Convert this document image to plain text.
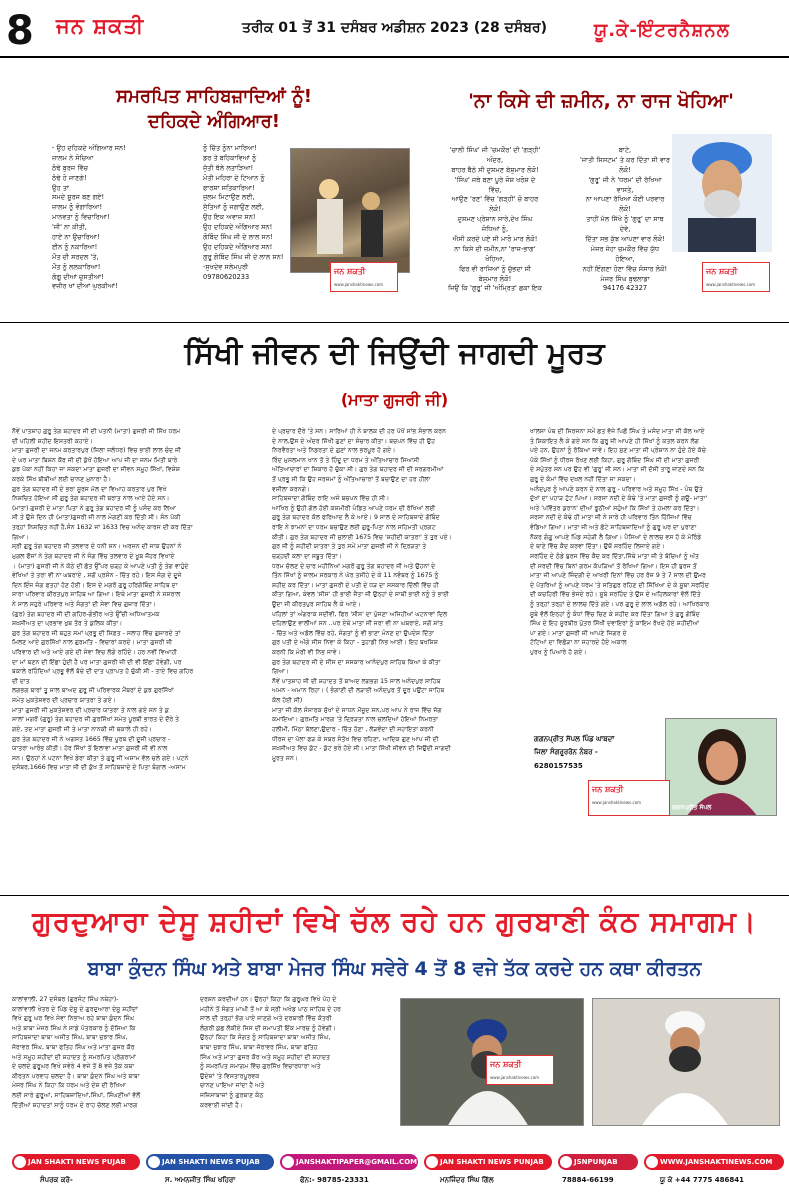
8 ਜਨ ਸ਼ਕਤੀ	ਤਰੀਕ 01 ਤੋਂ 31 ਦਸੰਬਰ ਅਡੀਸ਼ਨ 2023 (28 ਦਸੰਬਰ)	ਯੂ.ਕੇ-ਇੰਟਰਨੈਸ਼ਨਲ
ਸਮਰਪਿਤ ਸਾਹਿਬਜ਼ਾਦਿਆਂ ਨੂੰ!
ਦਹਿਕਦੇ ਅੰਗਿਆਰ!
- ਉਹ ਦਹਿਕਦੇ ਅੰਗਿਆਰ ਸਨ!
ਜ਼ਾਲਮ ਨੇ ਸੋਚਿਆ
ਠੰਢੇ ਬੁਰਜ ਵਿੱਚ
ਠੰਢੇ ਹੋ ਜਾਣਗੇ!
ਉਹ ਤਾਂ
ਸਮਦੇ ਸੂਰਜ ਬਣ ਗਏ!
ਜ਼ਾਲਮ ਨੂੰ ਵੰਗਾਰਿਆ!
ਮਾਨਵਤਾ ਨੂੰ ਵਿਚਾਰਿਆ!
'ਜੀ' ਨਾ ਕੀਤੀ,
ਹਾਏ ਨਾ ਉਚਾਰਿਆ!
ਈਨ ਨੂੰ ਨਕਾਰਿਆ!
ਮੌਤ ਦੀ ਸਰਦਲ 'ਤੇ,
ਮੌਤ ਨੂੰ ਲਲਕਾਰਿਆ!
ਗੰਗੂ ਦੀਆਂ ਚੁਸਤੀਆਂ!
ਵਜ਼ੀਰ ਖਾਂ ਦੀਆਂ ਘੁਰਕੀਆਂ!
ਨੂੰ ਚਿੱਤ ਨੂੰਨਾ ਮਾਰਿਆ!
ਡਰ ਤੇ ਬਹਿਕਾਵਿਆਂ ਨੂੰ
ਜੁੱਤੀ ਥੱਲੇ ਲਤਾੜਿਆ!
ਮੋਤੀ ਮਹਿਰਾ ਦੇ ਟਿਆਨ ਨੂੰ
ਫਾਰਸ਼ਾ ਸਤਿਕਾਰਿਆ!
ਜ਼ੁਲਮ ਮਿਟਾਉਣ ਲਈ,
ਸੁੱਤਿਆਂ ਨੂੰ ਜਗਾਉਣ ਲਈ,
ਉਹ ਇਕ ਅਵਾਜ਼ ਸਨ!
ਉਹ ਦਹਿਕਦੇ ਅੰਗਿਆਰ ਸਨ!
ਗੋਬਿੰਦ ਸਿੰਘ ਜੀ ਦੇ ਲਾਲ ਸਨ!
ਉਹ ਦਹਿਕਦੇ ਅੰਗਿਆਰ ਸਨ!
ਗੁਰੂ ਗੋਬਿੰਦ ਸਿੰਘ ਜੀ ਦੇ ਲਾਲ ਸਨ!
-ਸੁਖਦੇਵ ਸਲੇਮਪੁਰੀ
09780620233
ਜਨ ਸ਼ਕਤੀ
www.janshaktinews.com
'ਨਾ ਕਿਸੇ ਦੀ ਜ਼ਮੀਨ, ਨਾ ਰਾਜ ਖੋਹਿਆ'
'ਚਾਲੀ ਸਿੰਘ' ਜੀ 'ਚਮਕੌਰ' ਦੀ 'ਗੜ੍ਹੀ'
ਅੰਦਰ,
ਬਾਹਰ ਬੈਠੇ ਸੀ ਦੁਸ਼ਮਣ ਬੇਸ਼ੁਮਾਰ ਲੋਕੋ!
'ਸਿੰਘ' ਜਥੇ ਬਣਾ ਪੂਰੇ ਜੋਸ਼ ਖਰੋਸ਼ ਦੇ
ਵਿੱਚ,
ਆਉਣ 'ਰਣ' ਵਿੱਚ 'ਗੜ੍ਹੀ' ਚੋ ਬਾਹਰ
ਲੋਕੋ!
ਦੁਸ਼ਮਣ ਪ੍ਰੇਸ਼ਾਨ ਸਾਰੇ,ਦੇਖ ਸਿੰਘ
ਜੋਧਿਆਂ ਨੂੰ,
ਐਸੀ ਕਰਦੇ ਪਏ ਸੀ ਮਾਰੋ ਮਾਰ ਲੋਕੋ!
ਨਾ ਕਿਸੇ ਦੀ ਜ਼ਮੀਨ,ਨਾ 'ਰਾਜ-ਭਾਗ'
ਖੋਹਿਆ,
ਫਿਰ ਵੀ ਰਾਜਿਆਂ ਨੂੰ ਚੁੱਭਦਾ ਸੀ
ਬੇਸ਼ੁਮਾਰ ਲੋਕੋ!
ਜਿਉਂ ਕਿ 'ਗੁਰੂ' ਜੀ 'ਅੰਮ੍ਰਿਤ' ਛਕਾ ਇਕ
ਬਾਟੇ,
'ਜਾਤੀ ਸਿਸਟਮ' ਤੇ ਕਰ ਦਿੱਤਾ ਸੀ ਵਾਰ
ਲੋਕੋ!
'ਗੁਰੂ' ਜੀ ਨੇ 'ਧਰਮ' ਦੀ ਰੱਖਿਆ
ਵਾਸਤੇ,
ਨਾ ਆਪਣਾ ਰੱਖਿਆ ਕੋਈ ਪਰਵਾਰ
ਲੋਕੋ!
ਤਾਹੀਂ ਮੱਲ ਸਿੱਖੇ ਨੂੰ 'ਗੁਰੂ' ਦਾ ਸਾਥ
ਦੇਵੇ,
ਦਿੱਤਾ ਸਭ ਕੁੱਝ ਆਪਣਾ ਵਾਰ ਲੋਕੋ!
ਮੇਜਰ ਜੇਹਾ ਚਮਕੌਰ ਵਿੱਚ ਯੁੱਧ
ਹੋਇਆ,
ਨਹੀਂ ਇੰਗਣਾ ਹੋਣਾ ਵਿੱਚ ਸੰਸਾਰ ਲੋਕੋ!
ਮੇਜਰ ਸਿੰਘ ਬੁਢਲਾਡਾ
94176 42327
ਜਨ ਸ਼ਕਤੀ
www.janshaktinews.com
ਸਿੱਖੀ ਜੀਵਨ ਦੀ ਜਿਉਂਦੀ ਜਾਗਦੀ ਮੂਰਤ
(ਮਾਤਾ ਗੁਜਰੀ ਜੀ)
ਨੌਵੇਂ ਪਾਤਸ਼ਾਹ ਗੁਰੂ ਤੇਗ ਬਹਾਦਰ ਜੀ ਦੀ ਪਤਨੀ (ਮਾਤਾ) ਗੁਜਰੀ ਜੀ ਸਿੱਖ ਧਰਮ
ਦੀ ਪਹਿਲੀ ਸ਼ਹੀਦ ਇਸਤਰੀ ਕਹਾਏ।
ਮਾਤਾ ਗੁਜਰੀ ਦਾ ਜਨਮ ਕਰਤਾਰਪੁਰ (ਜਿਲਾ ਜਲੰਧਰ) ਵਿਚ ਭਾਈ ਲਾਲ ਚੰਦ ਜੀ
ਦੇ ਘਰ ਮਾਤਾ ਬਿਸ਼ਨ ਕੌਰ ਜੀ ਦੀ ਕੁੱਖੋਂ ਹੋਇਆ ਆਪ ਜੀ ਦਾ ਜਨਮ ਮਿਤੀ ਬਾਰੇ
ਕੁਝ ਪੱਕਾ ਨਹੀਂ ਕਿਹਾ ਜਾ ਸਕਦਾ ਮਾਤਾ ਗੁਜਰੀ ਦਾ ਜੀਵਨ ਸਮੂਹ ਸਿੱਖਾਂ, ਵਿਸ਼ੇਸ਼
ਕਰਕੇ ਸਿੱਖ ਬੀਬੀਆਂ ਲਈ ਚਾਨਣ ਮੁਨਾਰਾ ਹੈ।
ਗੁਰ ਤੇਗ ਬਹਾਦਰ ਜੀ ਦੇ ਭਰਾ ਸੂਰਜ ਮੱਲ ਦਾ ਵਿਆਹ ਕਰਤਾਰ ਪੁਰ ਵਿਖੇ
ਨਿਸ਼ਚਿਤ ਹੋਇਆ ਸੀ ਗੁਰੂ ਤੇਗ ਬਹਾਦਰ ਜੀ ਬਰਾਤ ਨਾਲ ਆਏ ਹੋਏ ਸਨ।
(ਮਾਤਾ) ਗੁਜਰੀ ਦੇ ਮਾਤਾ ਪਿਤਾ ਨੇ ਗੁਰੂ ਤੇਗ ਬਹਾਦਰ ਜੀ ਨੂੰ ਪਸੰਦ ਕਰ ਲਿਆ
ਸੀ ਤੇ ਉਸੇ ਦਿਨ ਹੀ (ਮਾਤਾ)ਗੁਜਰੀ ਜੀ ਨਾਲ ਮੰਗਣੀ ਕਰ ਦਿੱਤੀ ਸੀ। ਸੰਨ ਪੱਕੀ
ਤਰ੍ਹਾਂ ਨਿਸ਼ਚਿਤ ਨਹੀਂ ਹੈ,ਸੰਨ 1632 ਜਾਂ 1633 ਵਿਚ ਅਨੰਦ ਕਾਰਜ ਦੀ ਕਰ ਦਿੱਤਾ
ਗਿਆ।
ਸ੍ਰੀ ਗੁਰੂ ਤੇਗ ਬਹਾਦਰ ਜੀ ਤਲਵਾਰ ਦੇ ਧਨੀ ਸਨ। ਅਰਜਨ ਦੀ ਜਾਕ ਉਹਨਾਂ ਨੇ
ਮੁਗਲ ਫੌਜਾਂ ਨੇ ਤੇਗ ਬਹਾਦਰ ਜੀ ਨੇ ਜੰਗ ਵਿੱਚ ਤਲਵਾਰ ਦੇ ਖੂਬ ਜੌਹਰ ਵਿਖਾਏ
। (ਮਾਤਾ) ਗੁਜਰੀ ਜੀ ਨੇ ਕੋਠੇ ਦੀ ਛੱਤ ਉੱਪਰ ਚੜ੍ਹ ਕੇ ਆਪਣੇ ਪਤੀ ਨੂੰ ਤੇਗ ਵਾਹੁੰਦੇ
ਵੇਖਿਆਂ ਤੇ ਤਰਾ ਵੀ ਨਾ ਘਬਰਾਏ , ਸਗੋਂ ਪ੍ਰਸੰਨ - ਚਿੱਤ ਰਹੇ। ਇਸ ਜੰਗ ਦੇ ਦੂਜੇ
ਦਿਨ ਇੰਜ ਜੰਗ ਫਤਹਾਂ ਹੋਣ ਹੋਈ। ਇਸ ਦੇ ਮਗਰੋਂ ਗੁਰੂ ਹਰਿਗੋਬਿੰਦ ਸਾਹਿਬ ਦਾ
ਸਾਰਾ ਪਰਿਵਾਰ ਕੀਰਤਪੁਰ ਸਾਹਿਬ ਆ ਗਿਆ। ਇਥੇ ਮਾਤਾ ਗੁਜਰੀ ਨੇ ਸਸਰਾਲ
ਨੇ ਸਾਲ ਸਹੁਰੇ ਪਰਿਵਾਰ ਅਤੇ ਸੰਗਤਾਂ ਦੀ ਸੇਵਾ ਵਿਚ ਗੁਜ਼ਾਰ ਦਿੱਤਾ।
(ਗੁਰ) ਤੇਗ ਬਹਾਦਰ ਜੀ ਦੀ ਗਹਿਰ-ਗੰਭੀਰ ਅਤੇ ਉੱਚੀ ਅਧਿਆਤਮਕ
ਸ਼ਖ਼ਸੀਅਤ ਦਾ ਪ੍ਰਭਾਵ ਖੁਬ ਤੋਰ ਤੇ ਕੁਲਿਕ ਕੀਤਾ।
ਗੁਰ ਤੇਗ ਬਹਾਦਰ ਜੀ ਬਹੁਤ ਸਮਾਂ ਪ੍ਰਭੂ ਦੀ ਸਿਫ਼ਤ - ਸਲਾਹ ਵਿੱਚ ਗੁਜਾਰਦੇ ਤਾਂ
ਮਿਲਣ ਆਏ ਗੁਰਸਿੱਖਾਂ ਨਾਲ ਗੁਰਮਤਿ - ਵਿਚਾਰਾਂ ਕਰਦੇ। ਮਾਤਾ ਗੁਜਰੀ ਜੀ
ਪਰਿਵਾਰ ਦੀ ਅਤੇ ਆਏ ਗਏ ਦੀ ਸੇਵਾ ਵਿਚ ਲੱਗੇ ਰਹਿੰਦੇ। ਹਰ ਨਵੀਂ ਵਿਆਹੀ
ਦਾ ਮਾਂ ਬਣਨ ਦੀ ਇੱਛਾ ਹੁੰਦੀ ਹੈ ਪਰ ਮਾਤਾ ਗੁਜਰੀ ਜੀ ਦੀ ਵੀ ਇੱਛਾ ਹੋਵੇਗੀ, ਪਰ
ਬਕਾਲੇ ਰਹਿੰਦਿਆਂ ਪ੍ਰਭੂ ਵੱਲੋਂ ਬੱਚੇ ਦੀ ਦਾਤ ਪ੍ਰਾਪਤ ਹੋ ਚੁੱਕੀ ਸੀ - ਤਾਏ ਵਿਚ ਗਹਿਰ
ਦੀ ਦਾਤ
ਲਗਭਗ ਬਾਰਾਂ ਤੂ ਸਾਲ ਬਾਅਦ ਗੁਰੂ ਜੀ ਪਰਿਵਾਰਕ ਮੈਂਬਰਾਂ ਦੇ ਕੁਝ ਗੁਰਸਿੱਖਾਂ
ਸਮੇਤ ਮੁਕਤੇਸ਼ਵਰ ਦੀ ਪ੍ਰਚਾਰ ਯਾਤਰਾ ਤੇ ਗਏ।
ਮਾਤਾ ਗੁਜਰੀ ਜੀ ਮੁਕਤੇਸ਼ਵਰ ਦੀ ਪ੍ਰਚਾਰ ਯਾਤਰਾ ਤੇ ਨਾਲ ਗਏ ਸਨ ਤੇ ਕੁ
ਸਾਲਾਂ ਮਗਰੋਂ (ਗੁਰੂ) ਤੇਗ ਬਹਾਦਰ ਜੀ ਗੁਰਸਿੱਖਾਂ ਸਮੇਤ ਪੂਰਬੀ ਭਾਰਤ ਦੇ ਦੌਰੇ ਤੇ
ਗਏ, ਤਦ ਮਾਤਾ ਗੁਜਰੀ ਜੀ ਤੇ ਮਾਤਾ ਨਾਨਕੀ ਜੀ ਬਕਾਲੇ ਹੀ ਰਹੇ।
ਗੁਰ ਤੇਗ ਬਹਾਦਰ ਜੀ ਨੇ ਅਗਸਤ 1665 ਵਿੱਚ ਪੂਰਬ ਦੀ ਦੂਜੀ ਪ੍ਰਚਾਰ -
ਯਾਤਰਾ ਆਰੰਭ ਕੀਤੀ। ਹੋਰ ਸਿੱਖਾਂ ਤੋਂ ਇਲਾਵਾ ਮਾਤਾ ਗੁਜਰੀ ਜੀ ਵੀ ਨਾਲ
ਸਨ। ਉਨ੍ਹਾਂ ਨੇ ਪਟਨਾ ਵਿਖੇ ਡੇਰਾ ਕੀਤਾ ਤੇ ਗੁਰੂ ਜੀ ਅਸਾਮ ਵੱਲ ਚਲੇ ਗਏ। ਪਟਨੇ
ਦਸੰਬਰ,1666 ਵਿਚ ਮਾਤਾ ਜੀ ਦੀ ਕੁੱਖ ਤੋਂ ਸਾਹਿਬਜ਼ਾਦੇ ਦੇ ਪਿਤਾ ਬੰਗਾਲ -ਅਸਾਮ
ਦੇ ਪ੍ਰਚਾਰ ਦੌਰੇ 'ਤੇ ਸਨ। ਸਾਰਿਆਂ ਹੀ ਨੇ ਬਾਲਕ ਦੀ ਹਰ ਪੱਖੋਂ ਸਾਂਭ ਸੰਭਾਲ ਕਰਨ
ਦੇ ਨਾਲ,ਉਸ ਦੇ ਅੰਦਰ ਸਿੱਖੀ ਗੁਣਾਂ ਦਾ ਸੰਚਾਰ ਕੀਤਾ। ਬਚਪਨ ਵਿੱਚ ਹੀ ਉਹ
ਨਿਰਵੈਰਤਾ ਅਤੇ ਨਿਡਰਤਾ ਦੇ ਗੁਣਾਂ ਨਾਲ ਭਰਪੂਰ ਹੋ ਗਏ।
ਰਿੰਦ ਮੁਸਲਮਾਨ ਖਾਨ ਤੋਂ ਤੇ ਹਿੰਦੂ ਦਾ ਧਰਮ ਤੇ ਅੱਤਿਆਚਾਰ ਸਿਆਸੀ
ਅੱਤਿਆਚਾਰਾਂ ਦਾ ਸ਼ਿਕਾਰ ਹੋ ਚੁੱਕਾ ਸੀ। ਗੁਰ ਤੇਗ ਬਹਾਦਰ ਜੀ ਦੀ ਸਰਗਰਮੀਆਂ
ਤੋਂ ਪ੍ਰਭੂ ਸੀ ਕਿ ਉਹ ਜਰਜ਼ਮਾਂ ਨੂੰ ਅੱਤਿਆਚਾਰਾਂ ਤੋਂ ਬਚਾਉਣ ਦਾ ਹਰ ਹੀਲਾ
ਵਸੀਲਾ ਕਰਨਗੇ।
ਸਾਹਿਬਜ਼ਾਦਾ ਗੋਬਿੰਦ ਰਾਇ ਅਜੇ ਬਚਪਨ ਵਿੱਚ ਹੀ ਸੀ।
ਆਖਿਰ ਨੂੰ ਉਹੀ ਗੱਲ ਹੋਈ ਕਸ਼ਮੀਰੀ ਪੰਡਿਤ ਆਪਣੇ ਧਰਮ ਦੀ ਰੱਖਿਆਂ ਲਈ
ਗੁਰੂ ਤੇਗ ਬਹਾਦਰ ਕੋਲ ਫਰਿਆਦ ਲੈ ਕੇ ਆਏ। 9 ਸਾਲ ਦੇ ਸਾਹਿਬਜ਼ਾਦੇ ਗੋਬਿੰਦ
ਰਾਇ ਨੇ ਝਾਮਨਾਂ ਦਾ ਧਰਮ ਬਚਾਉਣ ਲਈ ਗੁਰੂ-ਪਿਤਾ ਨਾਲ ਸਹਿਮਤੀ ਪ੍ਰਗਟ
ਕੀਤੀ। ਗੁਰ ਤੇਗ ਬਹਾਦਰ ਜੀ ਜੁਲਾਈ 1675 ਵਿਚ 'ਸ਼ਹੀਦੀ ਯਾਤਰਾ' ਤੇ ਤੁਰ ਪਏ।
ਗੁਰ ਜੀ ਨੂੰ ਸ਼ਹੀਦੀ ਯਾਤਰਾ ਤੇ ਤੁਰ ਸਮੇਂ ਮਾਤਾ ਗੁਜਰੀ ਜੀ ਨੇ ਦ੍ਰਿੜਤਾ ਤੇ
ਚੜ੍ਹਦੀ ਕਲਾ ਦਾ ਸਬੂਤ ਦਿੱਤਾ।
ਧਰਮ ਚੱਲਣ ਦੇ ਚਾਰ ਮਹੀਨਿਆਂ ਮਗਰੋਂ ਗੁਰੂ ਤੇਗ ਬਹਾਦਰ ਜੀ ਅਤੇ ਉਹਨਾਂ ਦੇ
ਤਿੰਨ ਸਿੱਖਾਂ ਨੂੰ ਜ਼ਾਲਮ ਸਰਕਾਰ ਨੇ ਘੋਰ ਤਸੀਹੇ ਦੇ ਕੇ 11 ਨਵੰਬਰ ਨੂੰ 1675 ਨੂੰ
ਸ਼ਹੀਦ ਕਰ ਦਿੱਤਾ। ਮਾਤਾ ਗੁਜਰੀ ਦੇ ਪਤੀ ਦੇ ਧੜ ਦਾ ਸਸਕਾਰ ਦਿੱਲੀ ਵਿੱਚ ਹੀ
ਕੀਤਾ ਗਿਆ, ਕੇਵਲ 'ਸੀਸ' ਹੀ ਭਾਈ ਜੈਤਾ ਜੀ ਉਨ੍ਹਾਂ ਦੇ ਸਾਥੀ ਭਾਈ ਨਨੂੰ ਤੇ ਭਾਈ
ਊਦਾ ਜੀ ਕੀਰਤਪੁਰ ਸਾਹਿਬ ਲੈ ਕੇ ਆਏ।
ਪਹਿਲਾਂ ਤਾਂ ਅੰਗਰਾਕ ਸਦੀਵੀ, ਫਿਰ 'ਸੀਸ' ਦਾ ਪੁੱਜਣਾ ਅਜਿਹੀਆਂ ਘਟਨਾਵਾਂ ਦਿਲ
ਦਹਿਲਾਉਣ ਵਾਲੀਆਂ ਸਨ ..ਪਰ ਏਥੇ ਮਾਤਾ ਜੀ ਜਰਾ ਵੀ ਨਾ ਘਬਰਾਏ, ਸਗੋਂ ਸ਼ਾਂਤ
- ਚਿੱਤ ਅਤੇ ਅਡੋਲ ਵਿੱਚ ਰਹੇ, ਸੰਗਤਾਂ ਨੂੰ ਵੀ ਭਾਣਾ ਮੰਨਣ ਦਾ ਉਪਦੇਸ਼ ਦਿੱਤਾ
ਗੁਰ ਪਤੀ ਦੇ ਅੱਗੇ ਸੀਸ ਨਿਵਾ ਕੇ ਕਿਹਾ - ਤੁਹਾਡੀ ਨਿਭ ਆਈ। ਇਹ ਬਖਸ਼ਿਸ਼
ਕਰਨੀ ਕਿ ਮੇਰੀ ਵੀ ਨਿਭ ਜਾਵੇ।
ਗੁਰ ਤੇਗ ਬਹਾਦਰ ਜੀ ਦੇ ਸੀਸ ਦਾ ਸਸਕਾਰ ਆਨੰਦਪੁਰ ਸਾਹਿਬ ਕਿਆ ਕੇ ਕੀਤਾ
ਗਿਆ।
ਨੌਵੇਂ ਪਾਤਸ਼ਾਹ ਜੀ ਦੀ ਸ਼ਹਾਦਤ ਤੋਂ ਬਾਅਦ ਲਗਭਗ 15 ਸਾਲ ਅਨੰਦਪੁਰ ਸਾਹਿਬ
ਅਮਨ - ਅਮਾਨ ਰਿਹਾ। ( ਭੰਗਾਣੀ ਦੀ ਲੜਾਈ ਅਨੰਦਪੁਰ ਤੋਂ ਦੂਰ ਪਉਂਟਾ ਸਾਹਿਬ
ਕੋਲ ਹੋਈ ਸੀ)
ਮਾਤਾ ਜੀ ਕੋਲ ਸੰਸਾਰਕ ਸੁੱਖਾਂ ਦੇ ਸਾਧਨ ਮੌਜੂਦ ਸਨ,ਪਰ ਆਪ ਨੇ ਰਾਜ ਵਿੱਚ ਜੋਗ
ਕਮਾਇਆ। ਗੁਰਮਤਿ ਮਾਰਗ 'ਤੇ ਦ੍ਰਿੜਤਾ ਨਾਲ ਚਲਦਿਆਂ ਹੋਇਆਂ ਨਿਮਰਤਾ
ਹਲੀਮੀ, ਮਿੱਠਾ ਬੋਲਣਾ,ਉਦਾਰ - ਚਿੱਤ ਹੋਣਾ , ਲੋੜਵੰਦਾ ਦੀ ਸਹਾਇਤਾ ਕਰਨੀ
ਧੀਰਜ ਦਾ ਪੱਲਾ ਫੜ ਕੇ ਸਬਰ ਸੰਤੋਖ ਵਿਚ ਰਹਿਣਾ, ਆਦਿਕ ਗੁਣ ਆਪ ਜੀ ਦੀ
ਸ਼ਖ਼ਸੀਅਤ ਵਿਚ ਕੁੱਟ - ਕੁੱਟ ਭਰੇ ਹੋਏ ਸੀ। ਮਾਤਾ ਸਿੱਖੀ ਜੀਵਨ ਦੀ ਜਿਉਂਦੀ ਜਾਗਦੀ
ਮੂਰਤ ਸਨ।
ਖਾਲਸਾ ਪੰਥ ਦੀ ਸਿਰਜਨਾ ਸਮੇਂ ਛਤ ਵੱਜੇ ਪਿਛੋਂ ਸਿੰਘ ਤੇ ਮਸੰਦ ਮਾਤਾ ਜੀ ਕੋਲ ਆਏ
ਤੇ ਸ਼ਿਕਾਇਤ ਲੈ ਕੇ ਗਏ ਸਨ ਕਿ ਗੁਰੂ ਜੀ ਆਪਣੇ ਹੀ ਸਿੱਖਾਂ ਨੂੰ ਕਤਲ ਕਰਨ ਲੱਗ
ਪਏ ਹਨ, ਉਹਨਾਂ ਨੂੰ ਰੋਕਿਆ ਜਾਵੇ। ਇਹ ਸੁਣ ਮਾਤਾ ਜੀ ਪ੍ਰੇਸ਼ਾਨ ਨਾ ਹੁੰਦੇ ਹੋਏ ਕੱਚੇ
ਪੱਕੇ ਸਿੱਖਾਂ ਨੂੰ ਧੀਰਜ ਰੱਖਣ ਲਈ ਕਿਹਾ, ਗੁਰੂ ਗੋਬਿੰਦ ਸਿੰਘ ਜੀ ਦੀ ਮਾਤਾ ਗੁਜਰੀ
ਦੇ ਸਪੁੱਤਰ ਸਨ ਪਰ ਉਹ ਵੀ 'ਗੁਰੂ' ਜੀ ਸਨ। ਮਾਤਾ ਜੀ ਦੱਸੀ ਤਾਰੂ ਜਾਣਦੇ ਸਨ ਕਿ
ਗੁਰੂ ਦੇ ਕੰਮਾਂ ਵਿੱਚ ਦਖ਼ਲ ਨਹੀਂ ਦਿੱਤਾ ਜਾ ਸਕਦਾ।
ਅਨੰਦਪੁਰ ਨੂੰ ਆਪਣੇ ਕਰਨ ਦੇ ਨਾਲ ਗੁਰੂ - ਪਰਿਵਾਰ ਅਤੇ ਸਮੂਹ ਸਿੱਖ - ਪੰਥ ਉਤੇ
ਦੁੱਖਾਂ ਦਾ ਪਹਾੜ ਟੁੱਟ ਪਿਆ। ਸਰਸਾ ਨਦੀ ਦੇ ਕੰਢੇ 'ਤੇ ਮਾਤਾ ਗੁਜਰੀ ਨੂੰ ਗਊ- ਮਾਤਾ'
ਅਤੇ 'ਪਵਿੱਤਰ ਕੁਰਾਨ' ਦੀਆਂ ਝੂਠੀਆਂ ਸਹੁੰਆਂ ਕਿ ਸਿੱਖਾਂ ਤੇ ਹਮਲਾ ਕਰ ਦਿੱਤਾ।
ਸਰਸਾ ਨਦੀ ਦੇ ਕੰਢੇ ਹੀ ਮਾਤਾ ਜੀ ਨੇ ਸਾਰੇ ਹੀ ਪਰਿਵਾਰ ਤਿੰਨ ਹਿੱਸਿਆਂ ਵਿੱਚ
ਵੰਡਿਆ ਗਿਆ। ਮਾਤਾ ਜੀ ਅਤੇ ਛੋਟੇ ਸਾਹਿਬਜ਼ਾਦਿਆਂ ਨੂੰ ਗੁਰੂ ਘਰ ਦਾ ਪੁਰਾਣਾ
ਨੌਕਰ ਗੰਗੂ ਆਪਣੇ ਪਿੰਡ ਸਹੇੜੀ ਲੈ ਗਿਆ। ਪੈਸਿਆਂ ਦੇ ਲਾਲਚ ਵਸ ਹੋ ਕੇ ਮੋਰਿੰਡੇ
ਦੇ ਥਾਣੇ ਵਿੱਚ ਕੈਦ ਕਰਵਾ ਦਿੱਤਾ। ਉਥੋਂ ਸਰਹਿੰਦ ਲਿਜਾਏ ਗਏ।
ਸਰਹਿੰਦ ਦੇ ਠੰਡੇ ਬੁਰਜ ਵਿੱਚ ਕੈਦ ਕਰ ਦਿੱਤਾ,ਜਿੱਥੇ ਮਾਤਾ ਜੀ ਤੇ ਬੱਚਿਆਂ ਨੂੰ ਅੱਤ
ਦੀ ਸਰਦੀ ਵਿੱਚ ਬਿਨਾਂ ਗਰਮ ਕੱਪੜਿਆਂ ਤੋਂ ਰੱਖਿਆਂ ਗਿਆ। ਇਸ ਹੀ ਬੁਰਜ ਤੋਂ
ਮਾਤਾ ਜੀ ਆਪਣੇ ਜਿੰਦਗੀ ਦੇ ਆਖਰੀ ਦਿਨਾਂ ਵਿੱਚ ਹਰ ਰੋਜ਼ 9 ਤੇ 7 ਸਾਲ ਦੀ ਉਮਰ
ਦੇ ਪੋਤਰਿਆਂ ਨੂੰ ਆਪਣੇ ਧਰਮ 'ਤੇ ਸਤਿਗੁਰ ਰਹਿਣ ਦੀ ਸਿੱਖਿਆ ਦੇ ਕੇ ਸੂਬਾ ਸਰਹਿੰਦ
ਦੀ ਕਚਹਿਰੀ ਵਿੱਚ ਭੇਜਦੇ ਰਹੇ। ਸੂਬੇ ਸਰਹਿੰਦ ਤੇ ਉਸ ਦੇ ਅਹਿਲਕਾਰਾਂ ਵੱਲੋਂ ਦਿੱਤੇ
ਨੂੰ ਤਰ੍ਹਾਂ ਤਰ੍ਹਾਂ ਦੇ ਲਾਲਚ ਦਿੱਤੇ ਗਏ। ਪਰ ਗੁਰੂ ਦੇ ਲਾਲ ਅਡੋਲ ਰਹੇ। ਆਖਿਰਕਾਰ
ਸੂਬੇ ਵੱਲੋਂ ਇਨ੍ਹਾਂ ਨੂੰ ਕੰਧਾਂ ਵਿੱਚ ਚਿਣ ਕੇ ਸ਼ਹੀਦ ਕਰ ਦਿੱਤਾ ਗਿਆ ਤੇ ਗੁਰੂ ਗੋਬਿੰਦ
ਸਿੰਘ ਦੇ ਇਹ ਸੂਰਬੀਰ ਪੁੱਤਰ ਸਿੱਖੀ ਦਵਾਇਰਾਂ ਨੂੰ ਕਾਇਮ ਰੱਖਦੇ ਹੋਏ ਸ਼ਹੀਦੀਆਂ
ਪਾ ਗਏ। ਮਾਤਾ ਗੁਜਰੀ ਜੀ ਆਪਣੇ ਜਿਗਰ ਦੇ
ਟੋਟਿਆਂ ਦਾ ਵਿਛੋੜਾ ਨਾ ਸਹਾਰਦੇ ਹੋਏ ਅਕਾਲ
ਪੁਰਖ ਨੂੰ ਪਿਆਰੇ ਹੋ ਗਏ।
ਗਗਨਪ੍ਰੀਤ ਸੱਪਲ ਪਿੰਡ ਘਾਬਦਾਂ
ਜਿਲਾ ਸੰਗਰੂਰਰੋਨ ਨੰਬਰ -
6280157535
ਗਗਨਪ੍ਰੀਤ ਸੱਪਲ
ਜਨ ਸ਼ਕਤੀ
www.janshaktinews.com
ਗੁਰਦੁਆਰਾ ਦੇਸੂ ਸ਼ਹੀਦਾਂ ਵਿਖੇ ਚੱਲ ਰਹੇ ਹਨ ਗੁਰਬਾਣੀ ਕੰਠ ਸਮਾਗਮ।
ਬਾਬਾ ਕੁੰਦਨ ਸਿੰਘ ਅਤੇ ਬਾਬਾ ਮੇਜਰ ਸਿੰਘ ਸਵੇਰੇ 4 ਤੋਂ 8 ਵਜੇ ਤੱਕ ਕਰਦੇ ਹਨ ਕਥਾ ਕੀਰਤਨ
ਕਾਲਾਂਵਾਲੀ, 27 ਦਸੰਬਰ (ਗੁਰਜੰਟ ਸਿੰਘ ਨਥੇਹਾ)-
ਕਾਲਾਂਵਾਲੀ ਖੇਤਰ ਦੇ ਪਿੰਡ ਦੇਸੂ ਦੇ ਗੁਰਦੁਆਰਾ ਦੇਸੂ ਸ਼ਹੀਦਾਂ
ਵਿਖੇ ਗੁਰੂ ਘਰ ਵਿਖੇ ਸੇਵਾ ਨਿਭਾਅ ਰਹੇ ਬਾਬਾ ਕੁੰਦਨ ਸਿੰਘ
ਅਤੇ ਬਾਬਾ ਮੇਜਰ ਸਿੰਘ ਨੇ ਸਾਡੇ ਪੱਤਰਕਾਰ ਨੂੰ ਦੱਸਿਆ ਕਿ
ਸਾਹਿਬਜ਼ਾਦਾ ਬਾਬਾ ਅਜੀਤ ਸਿੰਘ, ਬਾਬਾ ਜੁਝਾਰ ਸਿੰਘ,
ਜੋਰਾਵਰ ਸਿੰਘ, ਬਾਬਾ ਫਤਿਹ ਸਿੰਘ ਅਤੇ ਮਾਤਾ ਗੁਜਰ ਕੌਰ
ਅਤੇ ਸਮੂਹ ਸ਼ਹੀਦਾਂ ਦੀ ਸ਼ਹਾਦਤ ਨੂੰ ਸਮਰਪਿਤ ਪ੍ਰੋਗਰਾਮਾਂ
ਦੇ ਚਲਦੇ ਗੁਰੂਘਰ ਵਿਖੇ ਸਵੇਰੇ 4 ਵਜੇ ਤੋਂ 8 ਵਜੇ ਤੱਕ ਕਥਾ
ਕੀਰਤਨ ਪਰਵਾਹ ਚਲਦਾ ਹੈ। ਬਾਬਾ ਕੁੰਦਨ ਸਿੰਘ ਅਤੇ ਬਾਬਾ
ਮੇਜਰ ਸਿੰਘ ਨੇ ਕਿਹਾ ਕਿ ਧਰਮ ਅਤੇ ਦੇਸ਼ ਦੀ ਰੱਖਿਆ
ਲਈ ਸਾਰੇ ਗੁਰੂਆਂ, ਸਾਹਿਬਜ਼ਾਦਿਆਂ,ਸਿੰਘਾਂ, ਸਿੰਘਣੀਆਂ ਵੱਲੋਂ
ਦਿੱਤੀਆਂ ਸ਼ਹਾਦਤਾਂ ਸਾਨੂੰ ਧਰਮ ਦੇ ਰਾਹ ਚੱਲਣ ਲਈ ਮਾਰਗ
ਦਰਸ਼ਨ ਕਰਦੀਆਂ ਹਨ। ਉਨ੍ਹਾਂ ਕਿਹਾ ਕਿ ਗੁਰੂਘਰ ਵਿਖੇ ਪੋਹ ਦੇ
ਮਹੀਨੇ ਤੋਂ ਸੰਗਤ ਮਾਘੀ ਤੋਂ ਆ ਕੇ ਸ੍ਰੀ ਅਖੰਡ ਪਾਠ ਸਾਹਿਬ ਦੇ ਹਰ
ਸਾਲ ਦੀ ਤਰ੍ਹਾਂ ਭੋਗ ਪਾਏ ਜਾਣਗੇ ਅਤੇ ਦਰਬਾਰੀ ਵਿੱਚ ਕੋਤਰੀ
ਲੰਗਰੀ ਕੁਛ ਲੋਕੀਏ ਜਿਸ ਦੀ ਸਮਾਪਤੀ ਇੱਕ ਮਾਰਚ ਨੂੰ ਹੋਵੇਗੀ।
ਉਨ੍ਹਾਂ ਕਿਹਾ ਕਿ ਸੰਗਤ ਨੂੰ ਸਾਹਿਬਜ਼ਾਦਾ ਬਾਬਾ ਅਜੀਤ ਸਿੰਘ,
ਬਾਬਾ ਜੁਝਾਰ ਸਿੰਘ, ਬਾਬਾ ਜੋਰਾਵਰ ਸਿੰਘ, ਬਾਬਾ ਫਤਿਹ
ਸਿੰਘ ਅਤੇ ਮਾਤਾ ਗੁਜਰ ਕੌਰ ਅਤੇ ਸਮੂਹ ਸ਼ਹੀਦਾਂ ਦੀ ਸ਼ਹਾਦਤ
ਨੂੰ ਸਮਰਪਿਤ ਸਮਾਗਮ ਵਿੱਚ ਗੁਰਸਿੱਖ ਵਿਚਾਰਧਾਰਾ ਅਤੇ
ਉਦੇਸ਼ਾਂ 'ਤੇ ਵਿਸਤਾਰਪੂਰਵਕ
ਚਾਨਣ ਪਾਇਆ ਜਾਂਦਾ ਹੈ ਅਤੇ
ਜਜ਼ਿਸਾਬਾਜ਼ਾਂ ਨੂੰ ਗੁਰਬਾਣ ਕੰਠ
ਕਰਵਾਈ ਜਾਂਦੀ ਹੈ।
ਜਨ ਸ਼ਕਤੀ
www.janshaktinews.com
JAN SHAKTI NEWS PUJAB	JAN SHAKTI NEWS PUJAB	JANSHAKTIPAPER@GMAIL.COM	JAN SHAKTI NEWS PUNJAB	JSNPUNJAB	WWW.JANSHAKTINEWS.COM
ਸੰਪਰਕ ਕਰੋ-	ਸ. ਅਮਨਜੀਤ ਸਿੰਘ ਖਹਿਰਾ	ਫੋਨ:- 98785-23331	ਮਨਜਿੰਦਰ ਸਿੰਘ ਗਿੱਲ	78884-66199	ਯੂ ਕੇ +44 7775 486841
